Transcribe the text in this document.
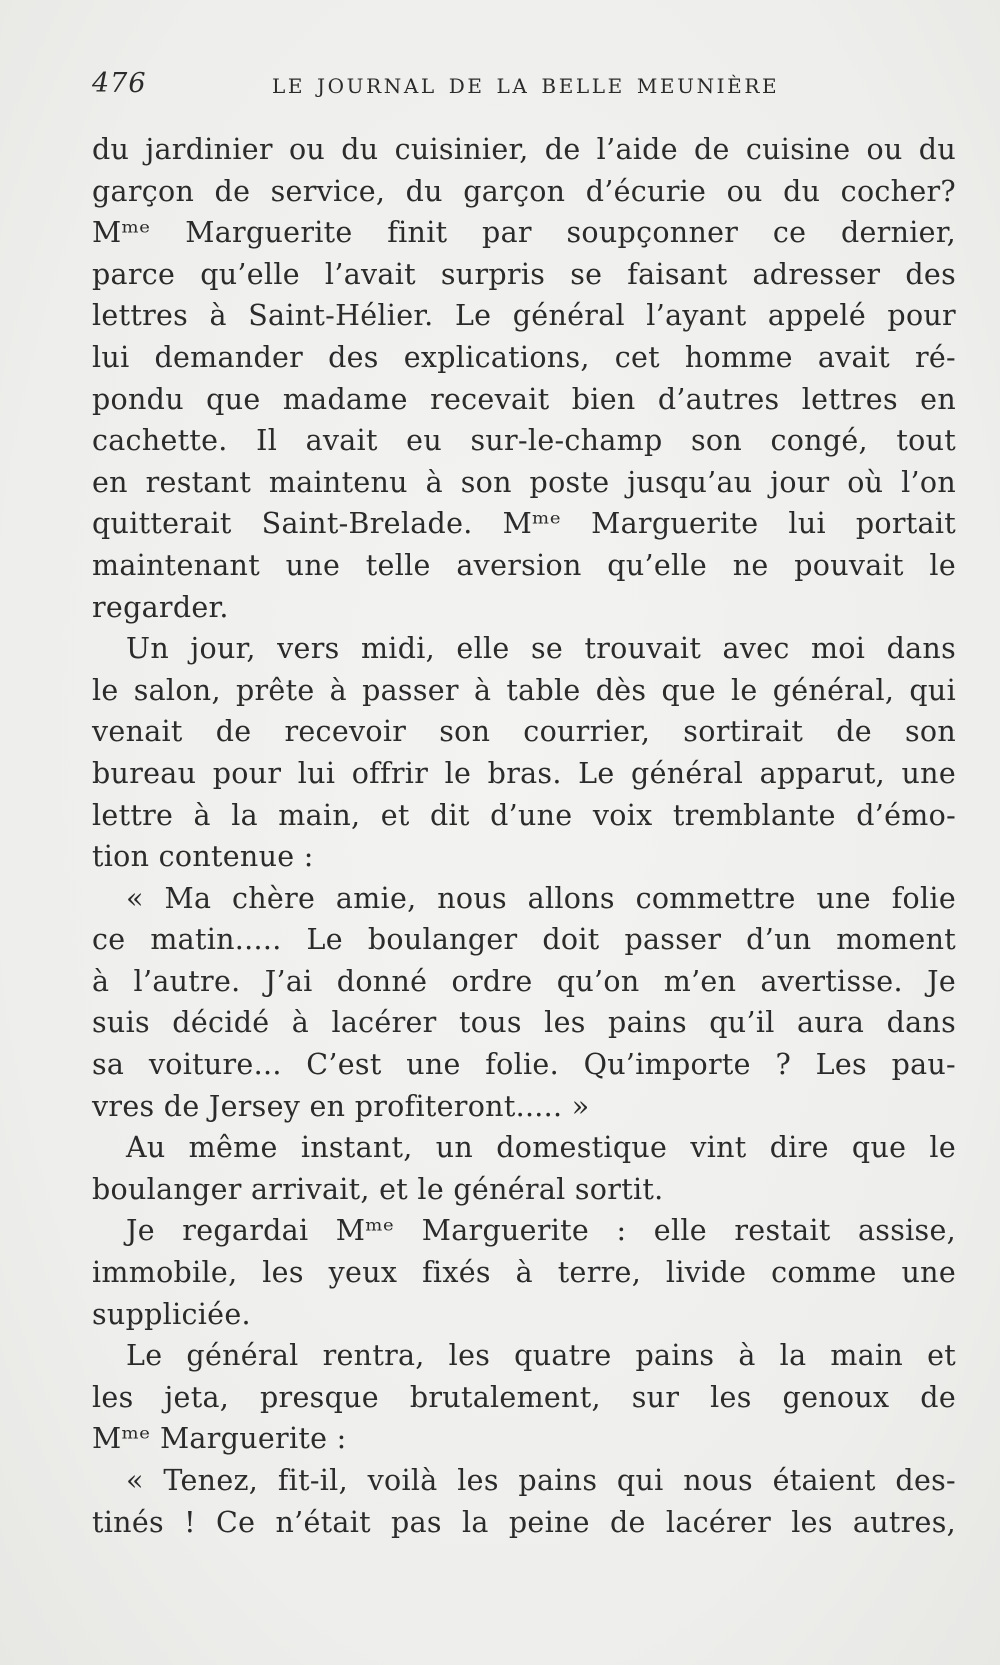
476	LE JOURNAL DE LA BELLE MEUNIÈRE
du jardinier ou du cuisinier, de l’aide de cuisine ou du
garçon de service, du garçon d’écurie ou du cocher?
Mᵐᵉ Marguerite finit par soupçonner ce dernier,
parce qu’elle l’avait surpris se faisant adresser des
lettres à Saint-Hélier. Le général l’ayant appelé pour
lui demander des explications, cet homme avait ré-
pondu que madame recevait bien d’autres lettres en
cachette. Il avait eu sur-le-champ son congé, tout
en restant maintenu à son poste jusqu’au jour où l’on
quitterait Saint-Brelade. Mᵐᵉ Marguerite lui portait
maintenant une telle aversion qu’elle ne pouvait le
regarder.
Un jour, vers midi, elle se trouvait avec moi dans
le salon, prête à passer à table dès que le général, qui
venait de recevoir son courrier, sortirait de son
bureau pour lui offrir le bras. Le général apparut, une
lettre à la main, et dit d’une voix tremblante d’émo-
tion contenue :
« Ma chère amie, nous allons commettre une folie
ce matin..... Le boulanger doit passer d’un moment
à l’autre. J’ai donné ordre qu’on m’en avertisse. Je
suis décidé à lacérer tous les pains qu’il aura dans
sa voiture... C’est une folie. Qu’importe ? Les pau-
vres de Jersey en profiteront..... »
Au même instant, un domestique vint dire que le
boulanger arrivait, et le général sortit.
Je regardai Mᵐᵉ Marguerite : elle restait assise,
immobile, les yeux fixés à terre, livide comme une
suppliciée.
Le général rentra, les quatre pains à la main et
les jeta, presque brutalement, sur les genoux de
Mᵐᵉ Marguerite :
« Tenez, fit-il, voilà les pains qui nous étaient des-
tinés ! Ce n’était pas la peine de lacérer les autres,
